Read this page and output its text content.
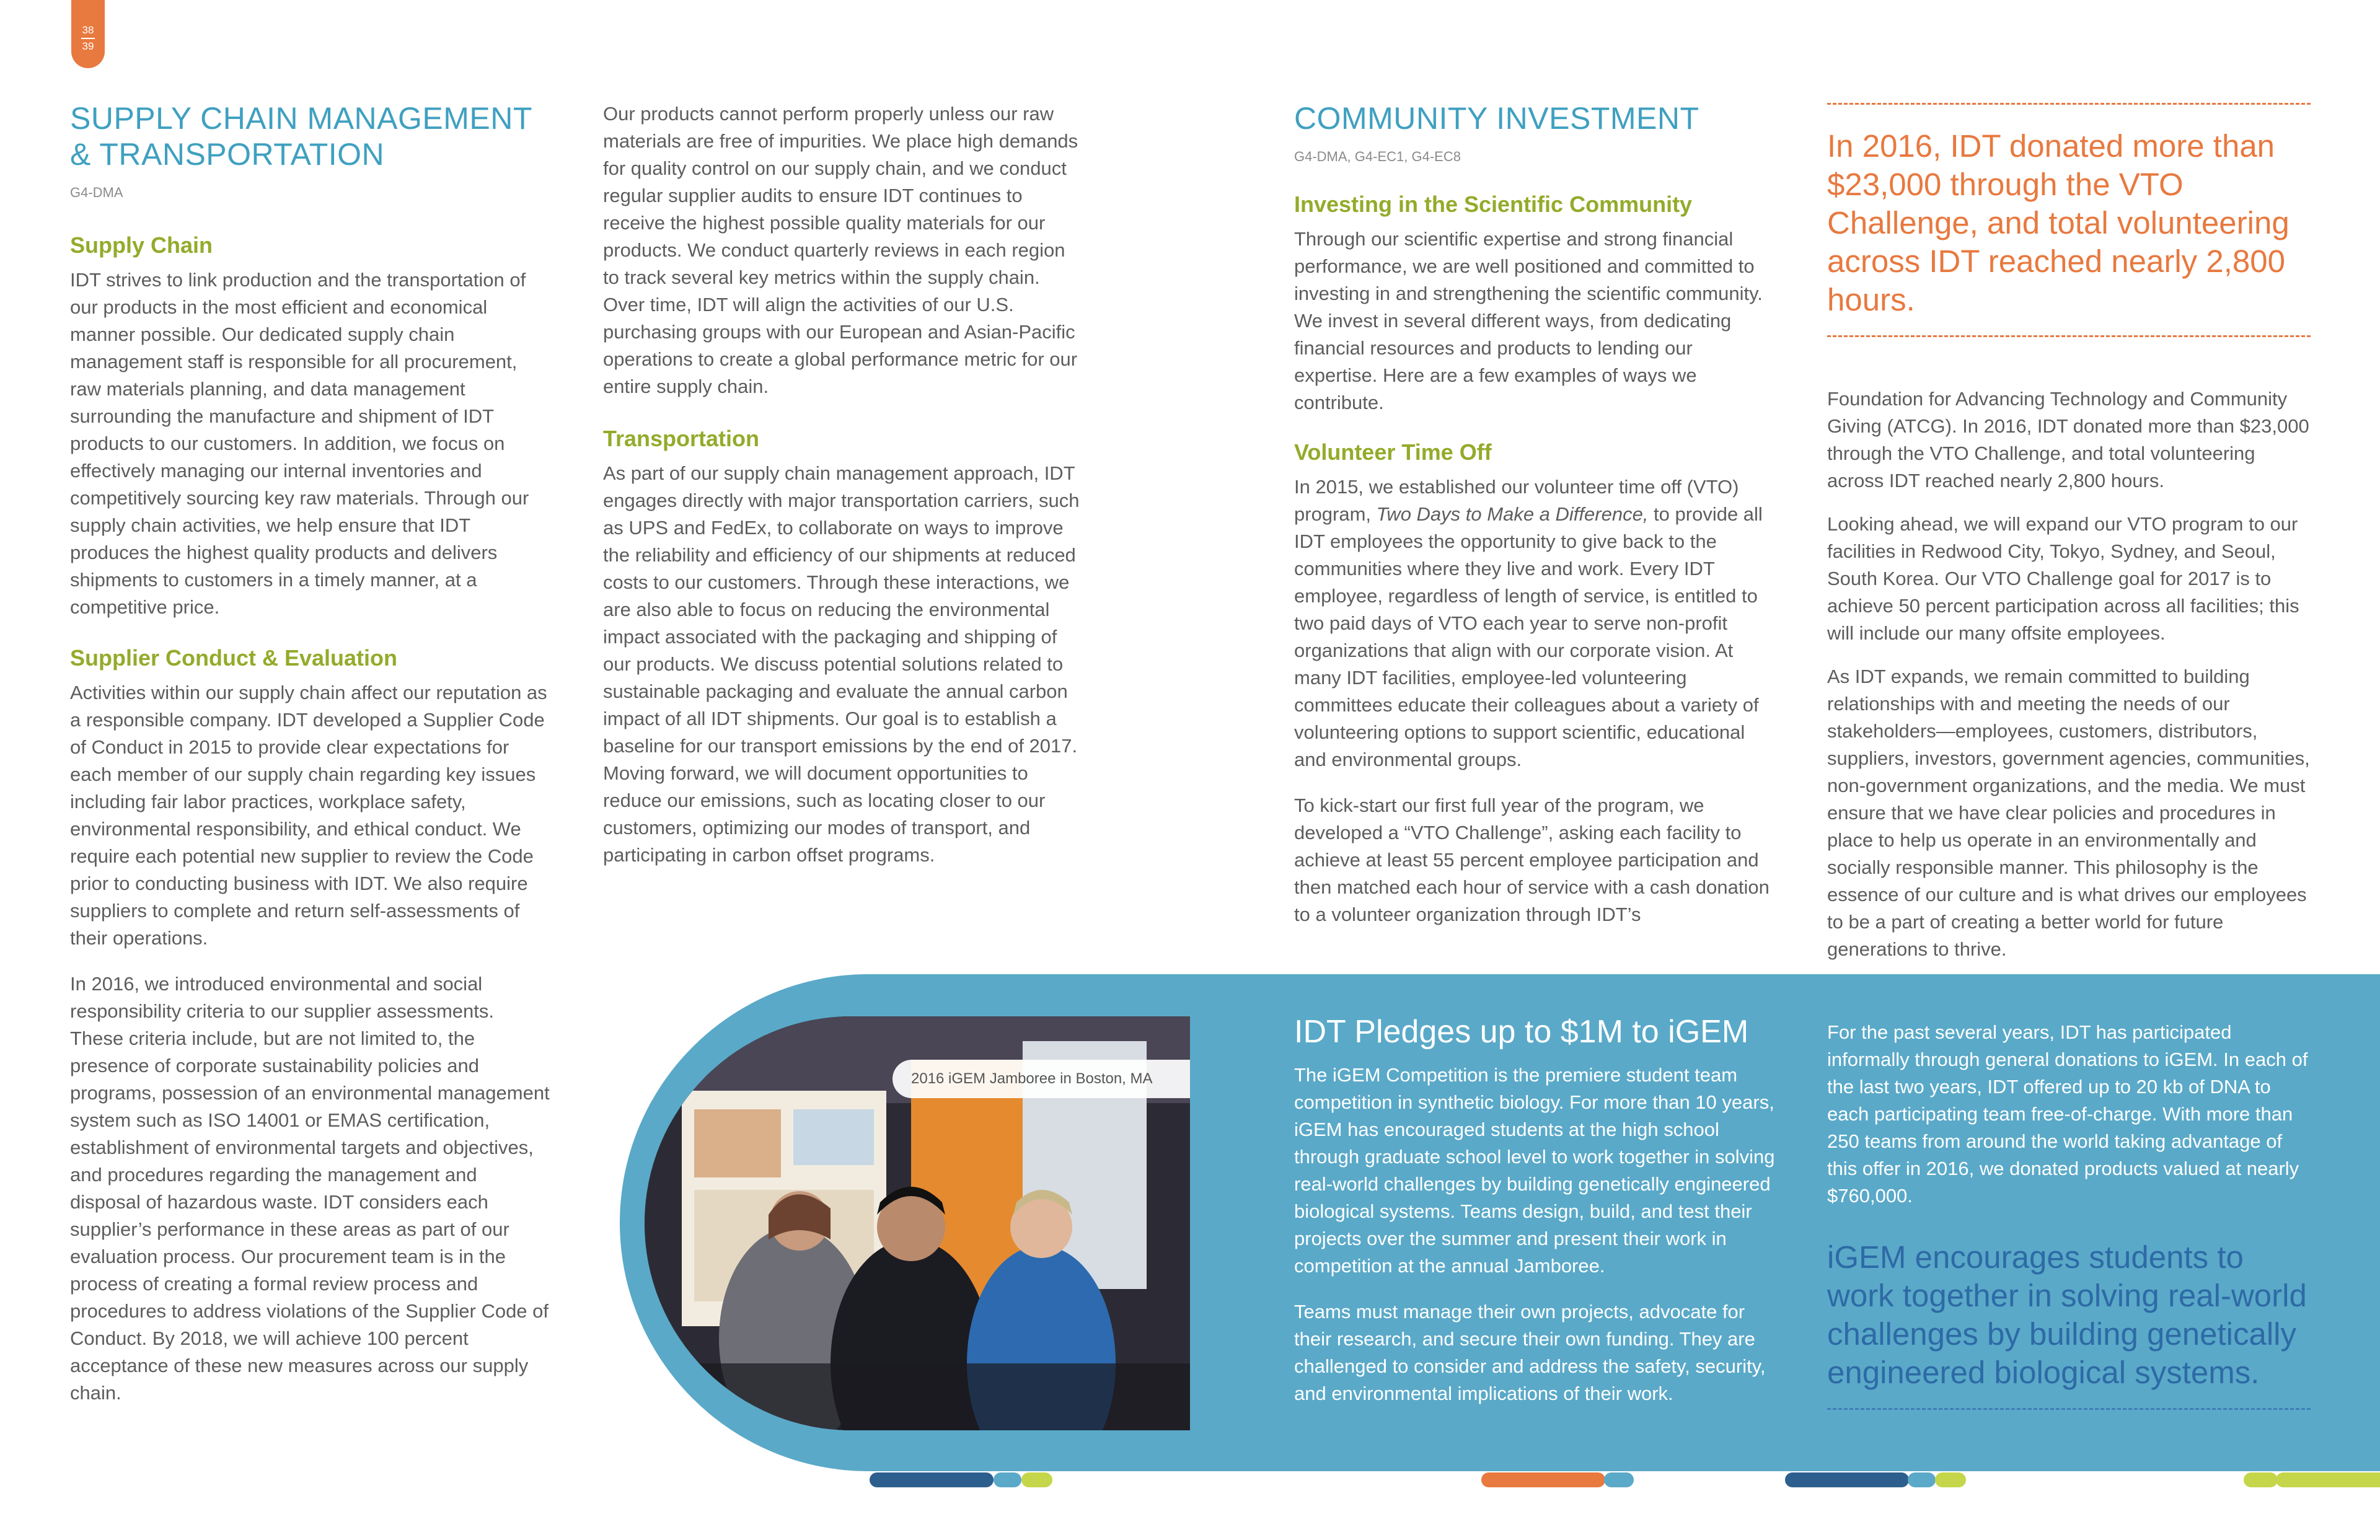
38
39
SUPPLY CHAIN MANAGEMENT & TRANSPORTATION
G4-DMA
Supply Chain

IDT strives to link production and the transportation of our products in the most efficient and economical manner possible. Our dedicated supply chain management staff is responsible for all procurement, raw materials planning, and data management surrounding the manufacture and shipment of IDT products to our customers. In addition, we focus on effectively managing our internal inventories and competitively sourcing key raw materials. Through our supply chain activities, we help ensure that IDT produces the highest quality products and delivers shipments to customers in a timely manner, at a competitive price.

Supplier Conduct & Evaluation

Activities within our supply chain affect our reputation as a responsible company. IDT developed a Supplier Code of Conduct in 2015 to provide clear expectations for each member of our supply chain regarding key issues including fair labor practices, workplace safety, environmental responsibility, and ethical conduct. We require each potential new supplier to review the Code prior to conducting business with IDT. We also require suppliers to complete and return self-assessments of their operations.

In 2016, we introduced environmental and social responsibility criteria to our supplier assessments. These criteria include, but are not limited to, the presence of corporate sustainability policies and programs, possession of an environmental management system such as ISO 14001 or EMAS certification, establishment of environmental targets and objectives, and procedures regarding the management and disposal of hazardous waste. IDT considers each supplier’s performance in these areas as part of our evaluation process. Our procurement team is in the process of creating a formal review process and procedures to address violations of the Supplier Code of Conduct. By 2018, we will achieve 100 percent acceptance of these new measures across our supply chain.

Our products cannot perform properly unless our raw materials are free of impurities. We place high demands for quality control on our supply chain, and we conduct regular supplier audits to ensure IDT continues to receive the highest possible quality materials for our products. We conduct quarterly reviews in each region to track several key metrics within the supply chain. Over time, IDT will align the activities of our U.S. purchasing groups with our European and Asian-Pacific operations to create a global performance metric for our entire supply chain.

Transportation

As part of our supply chain management approach, IDT engages directly with major transportation carriers, such as UPS and FedEx, to collaborate on ways to improve the reliability and efficiency of our shipments at reduced costs to our customers. Through these interactions, we are also able to focus on reducing the environmental impact associated with the packaging and shipping of our products. We discuss potential solutions related to sustainable packaging and evaluate the annual carbon impact of all IDT shipments. Our goal is to establish a baseline for our transport emissions by the end of 2017. Moving forward, we will document opportunities to reduce our emissions, such as locating closer to our customers, optimizing our modes of transport, and participating in carbon offset programs.

COMMUNITY INVESTMENT
G4-DMA, G4-EC1, G4-EC8
Investing in the Scientific Community

Through our scientific expertise and strong financial performance, we are well positioned and committed to investing in and strengthening the scientific community. We invest in several different ways, from dedicating financial resources and products to lending our expertise. Here are a few examples of ways we contribute.

Volunteer Time Off

In 2015, we established our volunteer time off (VTO) program, Two Days to Make a Difference, to provide all IDT employees the opportunity to give back to the communities where they live and work. Every IDT employee, regardless of length of service, is entitled to two paid days of VTO each year to serve non-profit organizations that align with our corporate vision. At many IDT facilities, employee-led volunteering committees educate their colleagues about a variety of volunteering options to support scientific, educational and environmental groups.

To kick-start our first full year of the program, we developed a “VTO Challenge”, asking each facility to achieve at least 55 percent employee participation and then matched each hour of service with a cash donation to a volunteer organization through IDT’s

In 2016, IDT donated more than $23,000 through the VTO Challenge, and total volunteering across IDT reached nearly 2,800 hours.

Foundation for Advancing Technology and Community Giving (ATCG). In 2016, IDT donated more than $23,000 through the VTO Challenge, and total volunteering across IDT reached nearly 2,800 hours.

Looking ahead, we will expand our VTO program to our facilities in Redwood City, Tokyo, Sydney, and Seoul, South Korea. Our VTO Challenge goal for 2017 is to achieve 50 percent participation across all facilities; this will include our many offsite employees.

As IDT expands, we remain committed to building relationships with and meeting the needs of our stakeholders—employees, customers, distributors, suppliers, investors, government agencies, communities, non-government organizations, and the media. We must ensure that we have clear policies and procedures in place to help us operate in an environmentally and socially responsible manner. This philosophy is the essence of our culture and is what drives our employees to be a part of creating a better world for future generations to thrive.

2016 iGEM Jamboree in Boston, MA
IDT Pledges up to $1M to iGEM

The iGEM Competition is the premiere student team competition in synthetic biology. For more than 10 years, iGEM has encouraged students at the high school through graduate school level to work together in solving real-world challenges by building genetically engineered biological systems. Teams design, build, and test their projects over the summer and present their work in competition at the annual Jamboree.

Teams must manage their own projects, advocate for their research, and secure their own funding. They are challenged to consider and address the safety, security, and environmental implications of their work.

For the past several years, IDT has participated informally through general donations to iGEM. In each of the last two years, IDT offered up to 20 kb of DNA to each participating team free-of-charge. With more than 250 teams from around the world taking advantage of this offer in 2016, we donated products valued at nearly $760,000.

iGEM encourages students to work together in solving real-world challenges by building genetically engineered biological systems.
